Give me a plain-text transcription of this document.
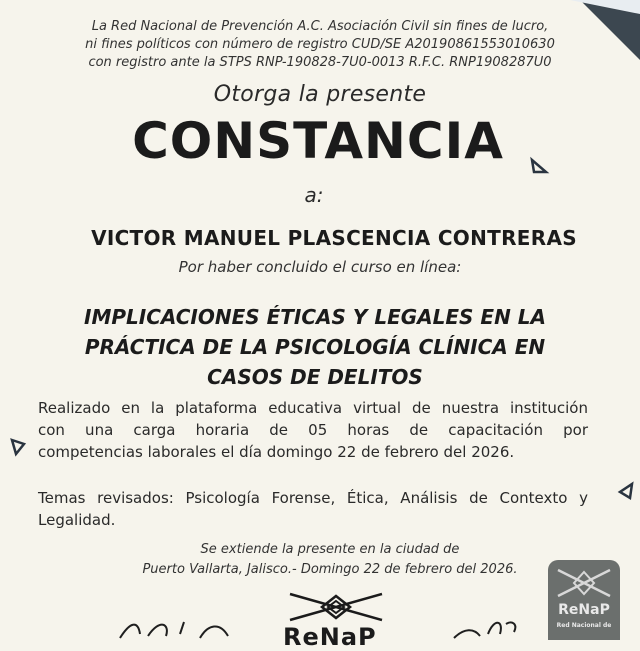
La Red Nacional de Prevención A.C. Asociación Civil sin fines de lucro,
ni fines políticos con número de registro CUD/SE A20190861553010630
con registro ante la STPS RNP-190828-7U0-0013 R.F.C. RNP1908287U0
Otorga la presente
CONSTANCIA
a:
VICTOR MANUEL PLASCENCIA CONTRERAS
Por haber concluido el curso en línea:
IMPLICACIONES ÉTICAS Y LEGALES EN LA
PRÁCTICA DE LA PSICOLOGÍA CLÍNICA EN
CASOS DE DELITOS
Realizado en la plataforma educativa virtual de nuestra institución
con una carga horaria de 05 horas de capacitación por
competencias laborales el día domingo 22 de febrero del 2026.
Temas revisados: Psicología Forense, Ética, Análisis de Contexto y
Legalidad.
Se extiende la presente en la ciudad de
Puerto Vallarta, Jalisco.- Domingo 22 de febrero del 2026.
ReNaP
ReNaP
Red Nacional de
